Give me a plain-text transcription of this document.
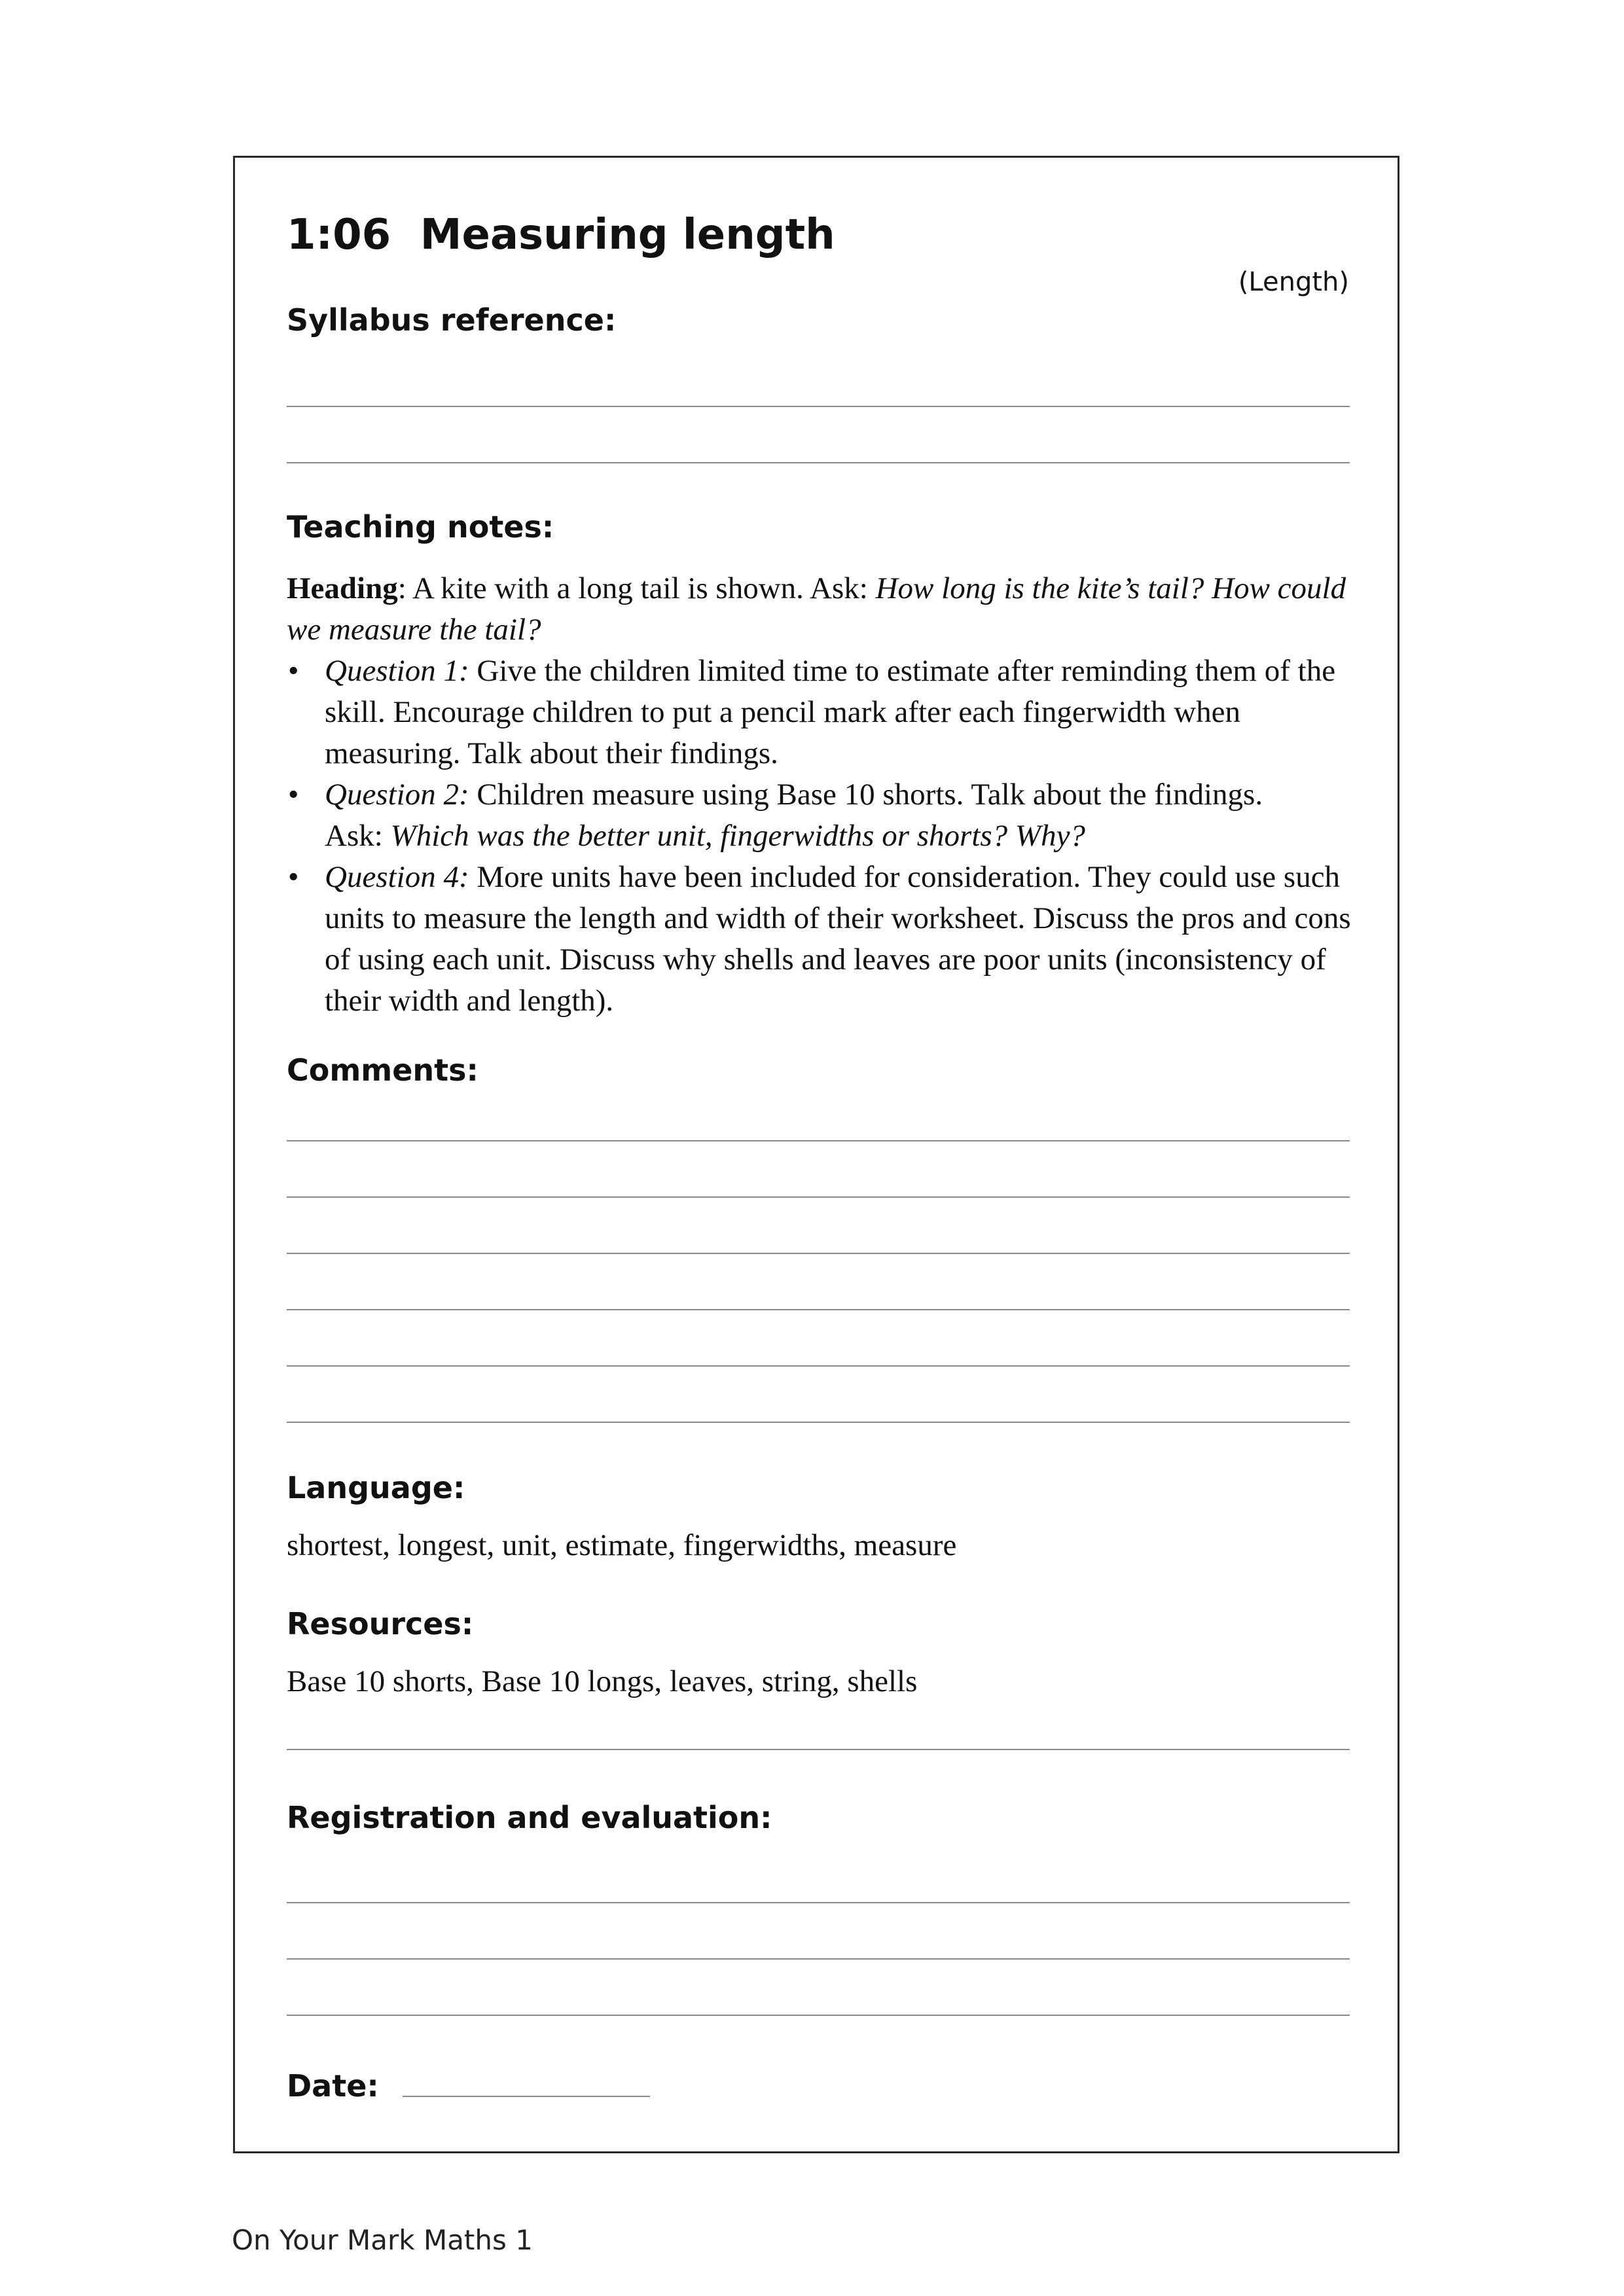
1:06  Measuring length
(Length)
Syllabus reference:
Teaching notes:

Heading: A kite with a long tail is shown. Ask: How long is the kite’s tail? How could we measure the tail?

• Question 1: Give the children limited time to estimate after reminding them of the skill. Encourage children to put a pencil mark after each fingerwidth when measuring. Talk about their findings.
• Question 2: Children measure using Base 10 shorts. Talk about the findings.
Ask: Which was the better unit, fingerwidths or shorts? Why?
• Question 4: More units have been included for consideration. They could use such units to measure the length and width of their worksheet. Discuss the pros and cons of using each unit. Discuss why shells and leaves are poor units (inconsistency of their width and length).
Comments:
Language:
shortest, longest, unit, estimate, fingerwidths, measure
Resources:
Base 10 shorts, Base 10 longs, leaves, string, shells
Registration and evaluation:
Date:
On Your Mark Maths 1
